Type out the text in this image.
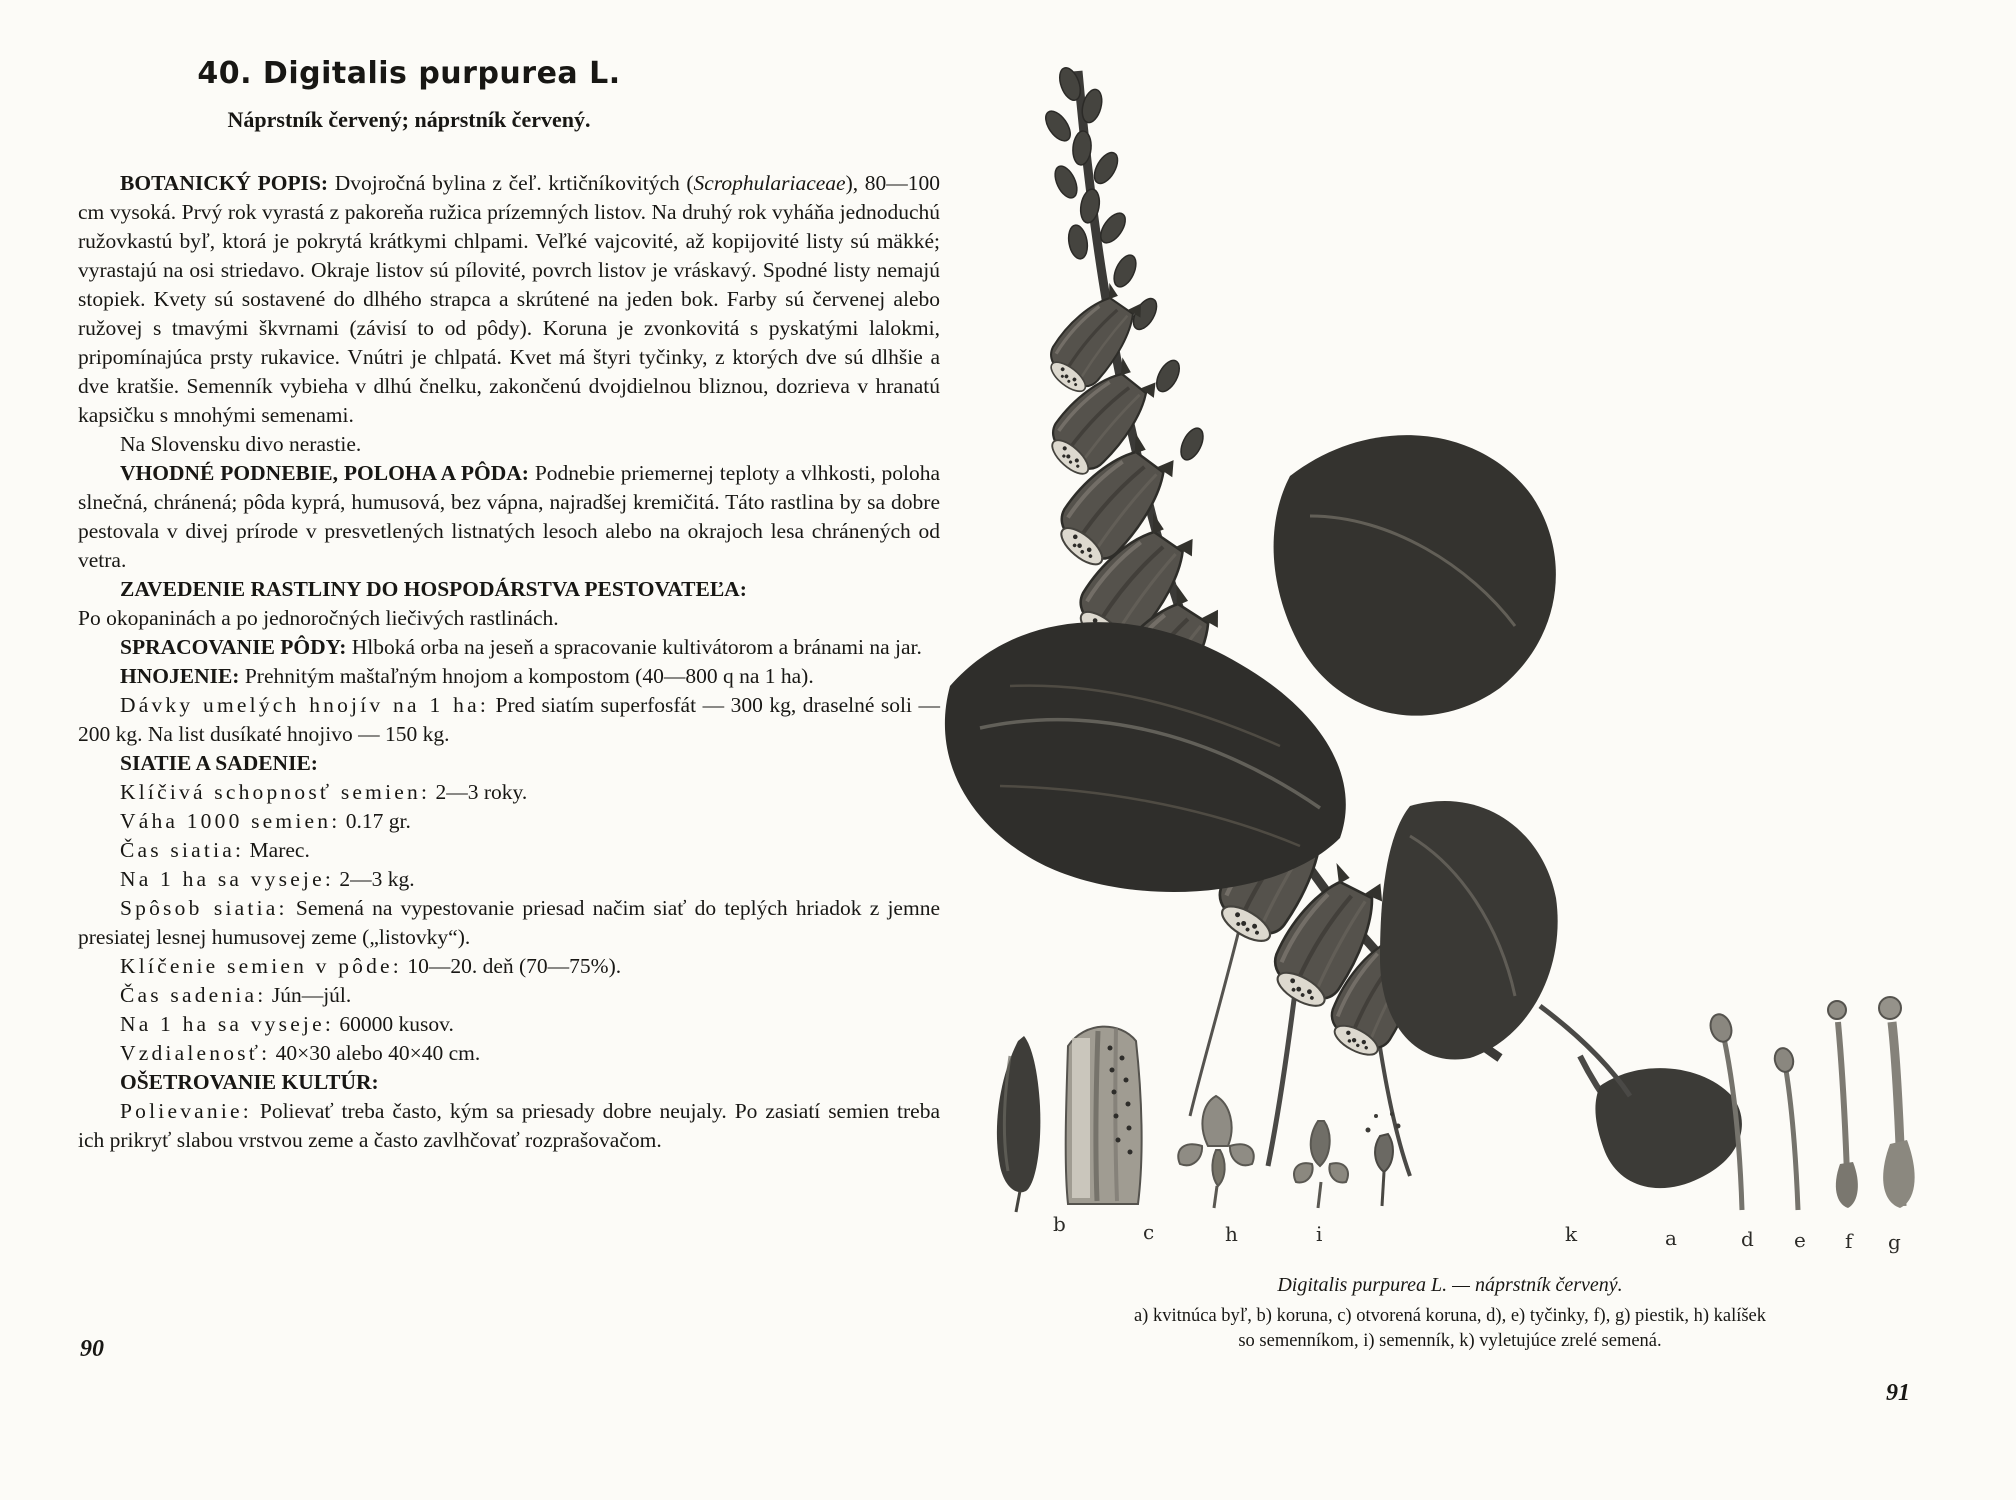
40. Digitalis purpurea L.
Náprstník červený; náprstník červený.

BOTANICKÝ POPIS: Dvojročná bylina z čeľ. krtičníkovitých (Scrophulariaceae), 80—100 cm vysoká. Prvý rok vyrastá z pakoreňa ružica prízemných listov. Na druhý rok vyháňa jednoduchú ružovkastú byľ, ktorá je pokrytá krátkymi chlpami. Veľké vajcovité, až kopijovité listy sú mäkké; vyrastajú na osi striedavo. Okraje listov sú pílovité, povrch listov je vráskavý. Spodné listy nemajú stopiek. Kvety sú sostavené do dlhého strapca a skrútené na jeden bok. Farby sú červenej alebo ružovej s tmavými škvrnami (závisí to od pôdy). Koruna je zvonkovitá s pyskatými lalokmi, pripomínajúca prsty rukavice. Vnútri je chlpatá. Kvet má štyri tyčinky, z ktorých dve sú dlhšie a dve kratšie. Semenník vybieha v dlhú čnelku, zakončenú dvojdielnou bliznou, dozrieva v hranatú kapsičku s mnohými semenami.

Na Slovensku divo nerastie.

VHODNÉ PODNEBIE, POLOHA A PÔDA: Podnebie priemernej teploty a vlhkosti, poloha slnečná, chránená; pôda kyprá, humusová, bez vápna, najradšej kremičitá. Táto rastlina by sa dobre pestovala v divej prírode v presvetlených listnatých lesoch alebo na okrajoch lesa chránených od vetra.

ZAVEDENIE RASTLINY DO HOSPODÁRSTVA PESTOVATEĽA:

Po okopaninách a po jednoročných liečivých rastlinách.

SPRACOVANIE PÔDY: Hlboká orba na jeseň a spracovanie kultivátorom a bránami na jar.

HNOJENIE: Prehnitým maštaľným hnojom a kompostom (40—800 q na 1 ha).

Dávky umelých hnojív na 1 ha: Pred siatím superfosfát — 300 kg, draselné soli — 200 kg. Na list dusíkaté hnojivo — 150 kg.

SIATIE A SADENIE:

Klíčivá schopnosť semien: 2—3 roky.

Váha 1000 semien: 0.17 gr.

Čas siatia: Marec.

Na 1 ha sa vyseje: 2—3 kg.

Spôsob siatia: Semená na vypestovanie priesad načim siať do teplých hriadok z jemne presiatej lesnej humusovej zeme („listovky“).

Klíčenie semien v pôde: 10—20. deň (70—75%).

Čas sadenia: Jún—júl.

Na 1 ha sa vyseje: 60000 kusov.

Vzdialenosť: 40×30 alebo 40×40 cm.

OŠETROVANIE KULTÚR:

Polievanie: Polievať treba často, kým sa priesady dobre neujaly. Po zasiatí semien treba ich prikryť slabou vrstvou zeme a často zavlhčovať rozprašovačom.

90
b	c	h	i	k	a	d e f g

Digitalis purpurea L. — náprstník červený.

a) kvitnúca byľ, b) koruna, c) otvorená koruna, d), e) tyčinky, f), g) piestik, h) kalíšek

so semenníkom, i) semenník, k) vyletujúce zrelé semená.

91
